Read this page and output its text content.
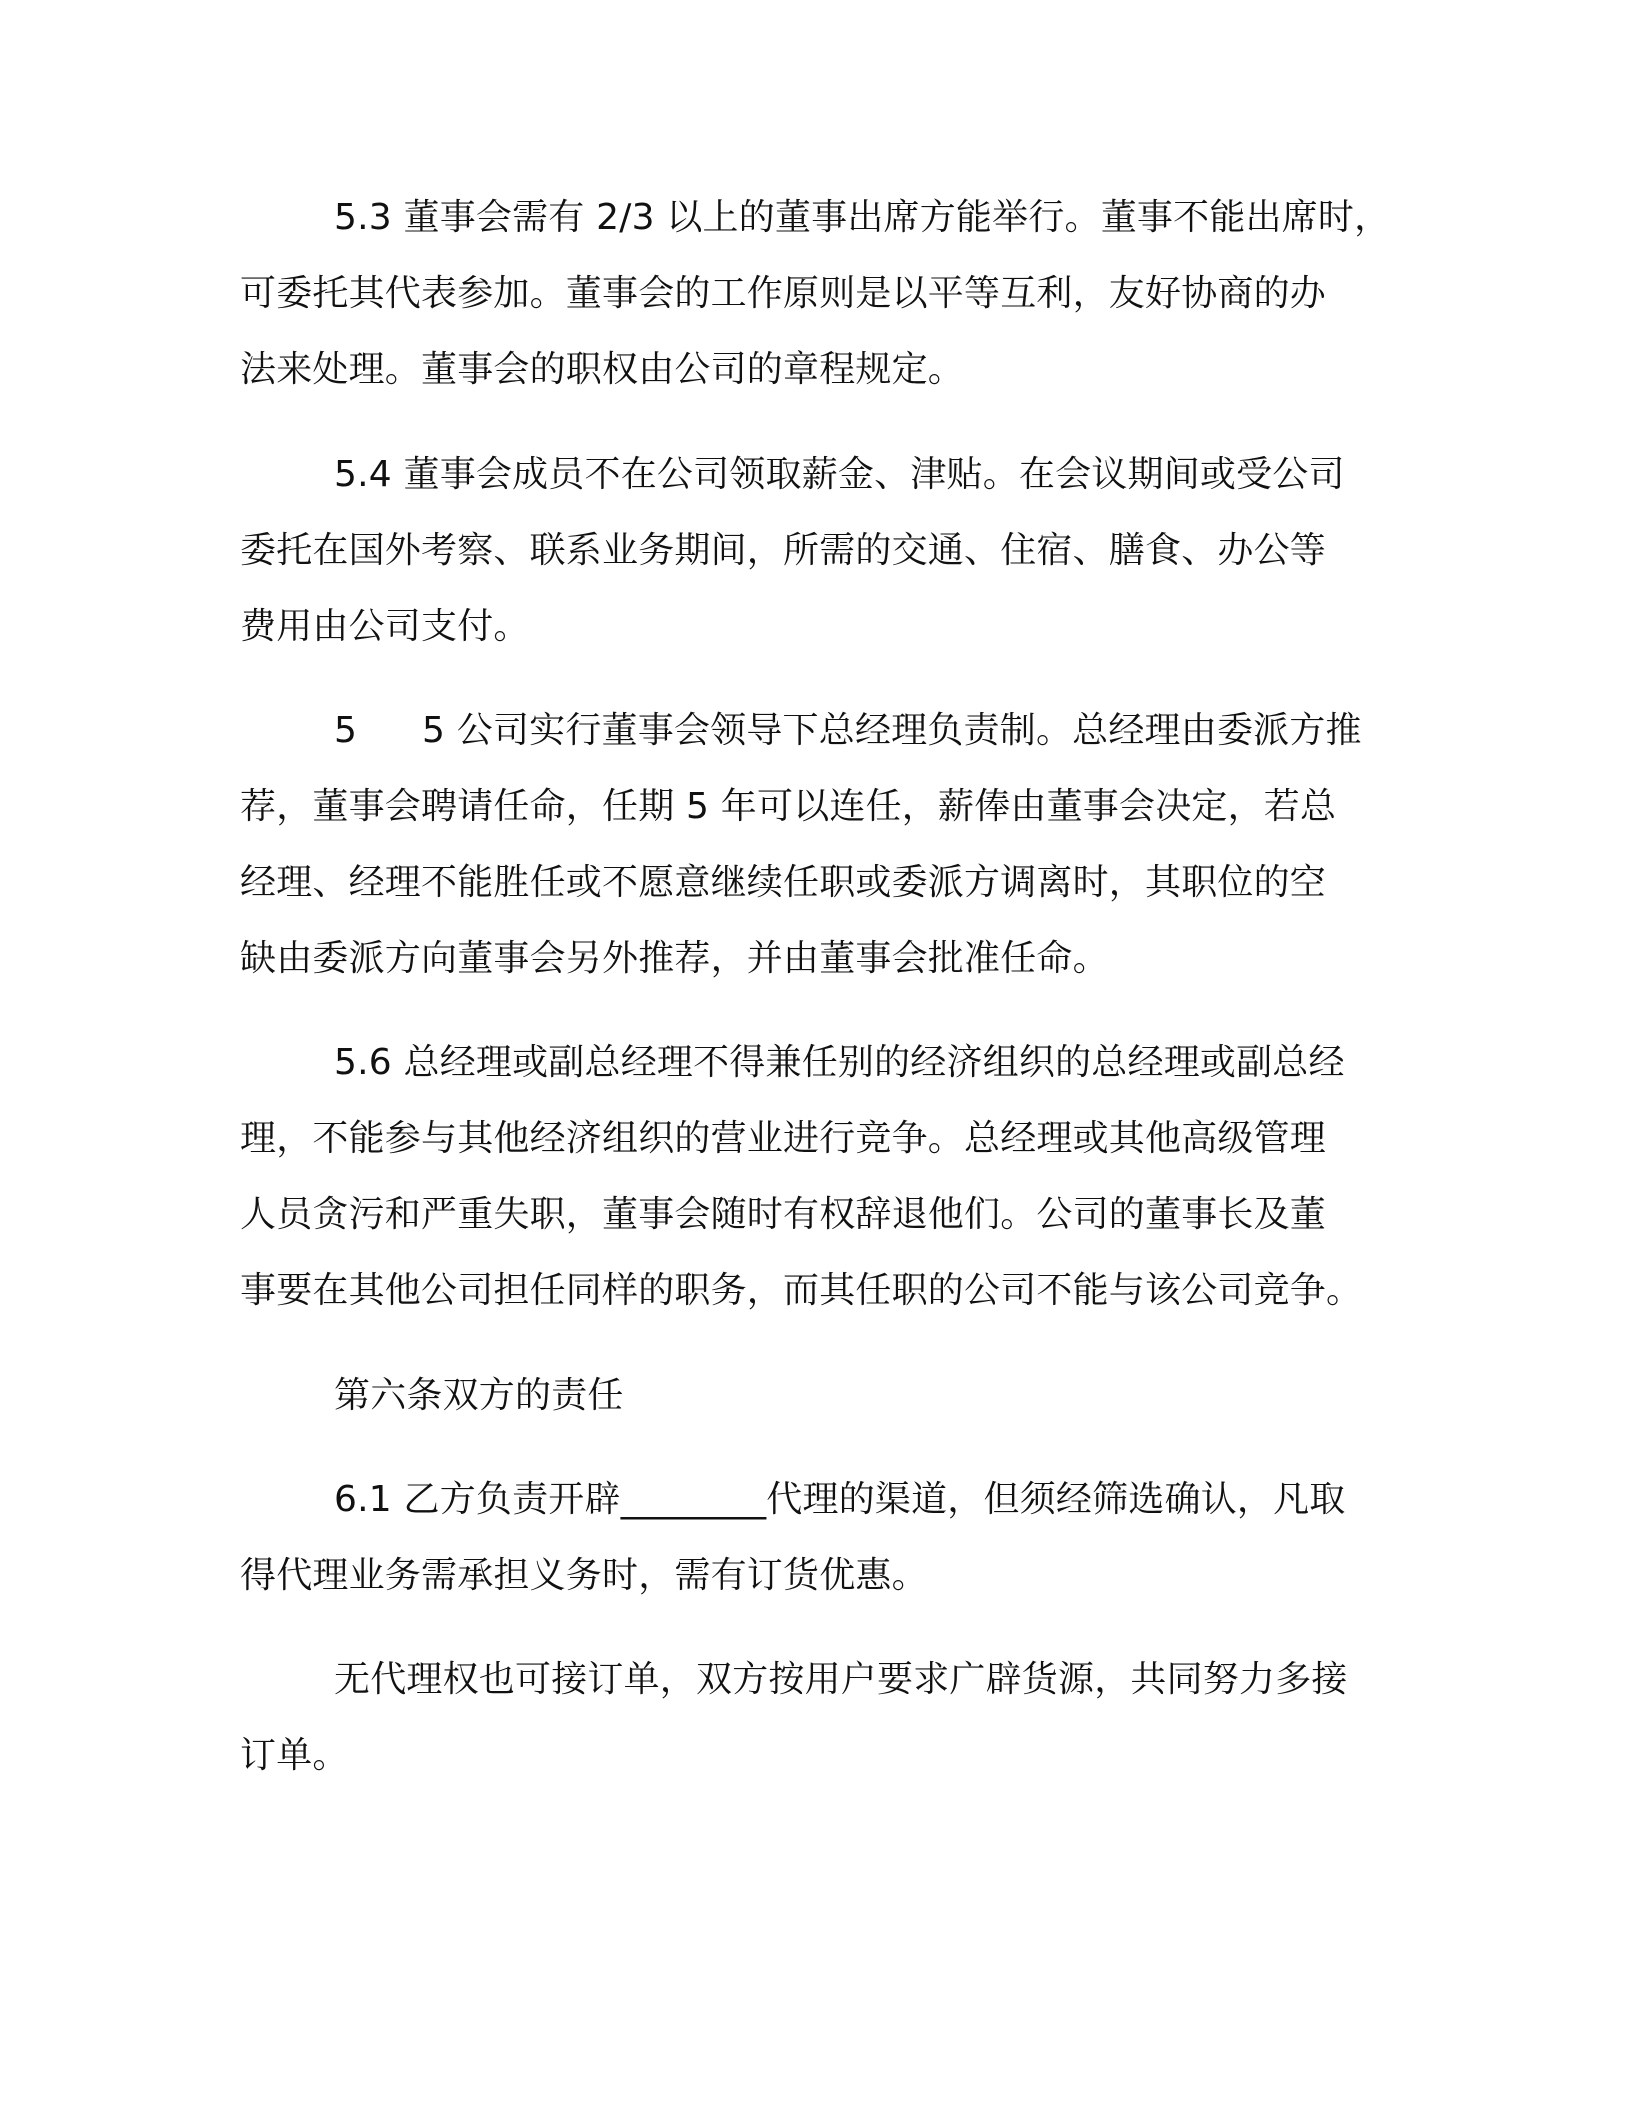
5.3 董事会需有 2/3 以上的董事出席方能举行。董事不能出席时，
可委托其代表参加。董事会的工作原则是以平等互利，友好协商的办
法来处理。董事会的职权由公司的章程规定。
5.4 董事会成员不在公司领取薪金、津贴。在会议期间或受公司
委托在国外考察、联系业务期间，所需的交通、住宿、膳食、办公等
费用由公司支付。
5 5 公司实行董事会领导下总经理负责制。总经理由委派方推
荐，董事会聘请任命，任期 5 年可以连任，薪俸由董事会决定，若总
经理、经理不能胜任或不愿意继续任职或委派方调离时，其职位的空
缺由委派方向董事会另外推荐，并由董事会批准任命。
5.6 总经理或副总经理不得兼任别的经济组织的总经理或副总经
理，不能参与其他经济组织的营业进行竞争。总经理或其他高级管理
人员贪污和严重失职，董事会随时有权辞退他们。公司的董事长及董
事要在其他公司担任同样的职务，而其任职的公司不能与该公司竞争。
第六条双方的责任
6.1 乙方负责开辟________代理的渠道，但须经筛选确认，凡取
得代理业务需承担义务时，需有订货优惠。
无代理权也可接订单，双方按用户要求广辟货源，共同努力多接
订单。
